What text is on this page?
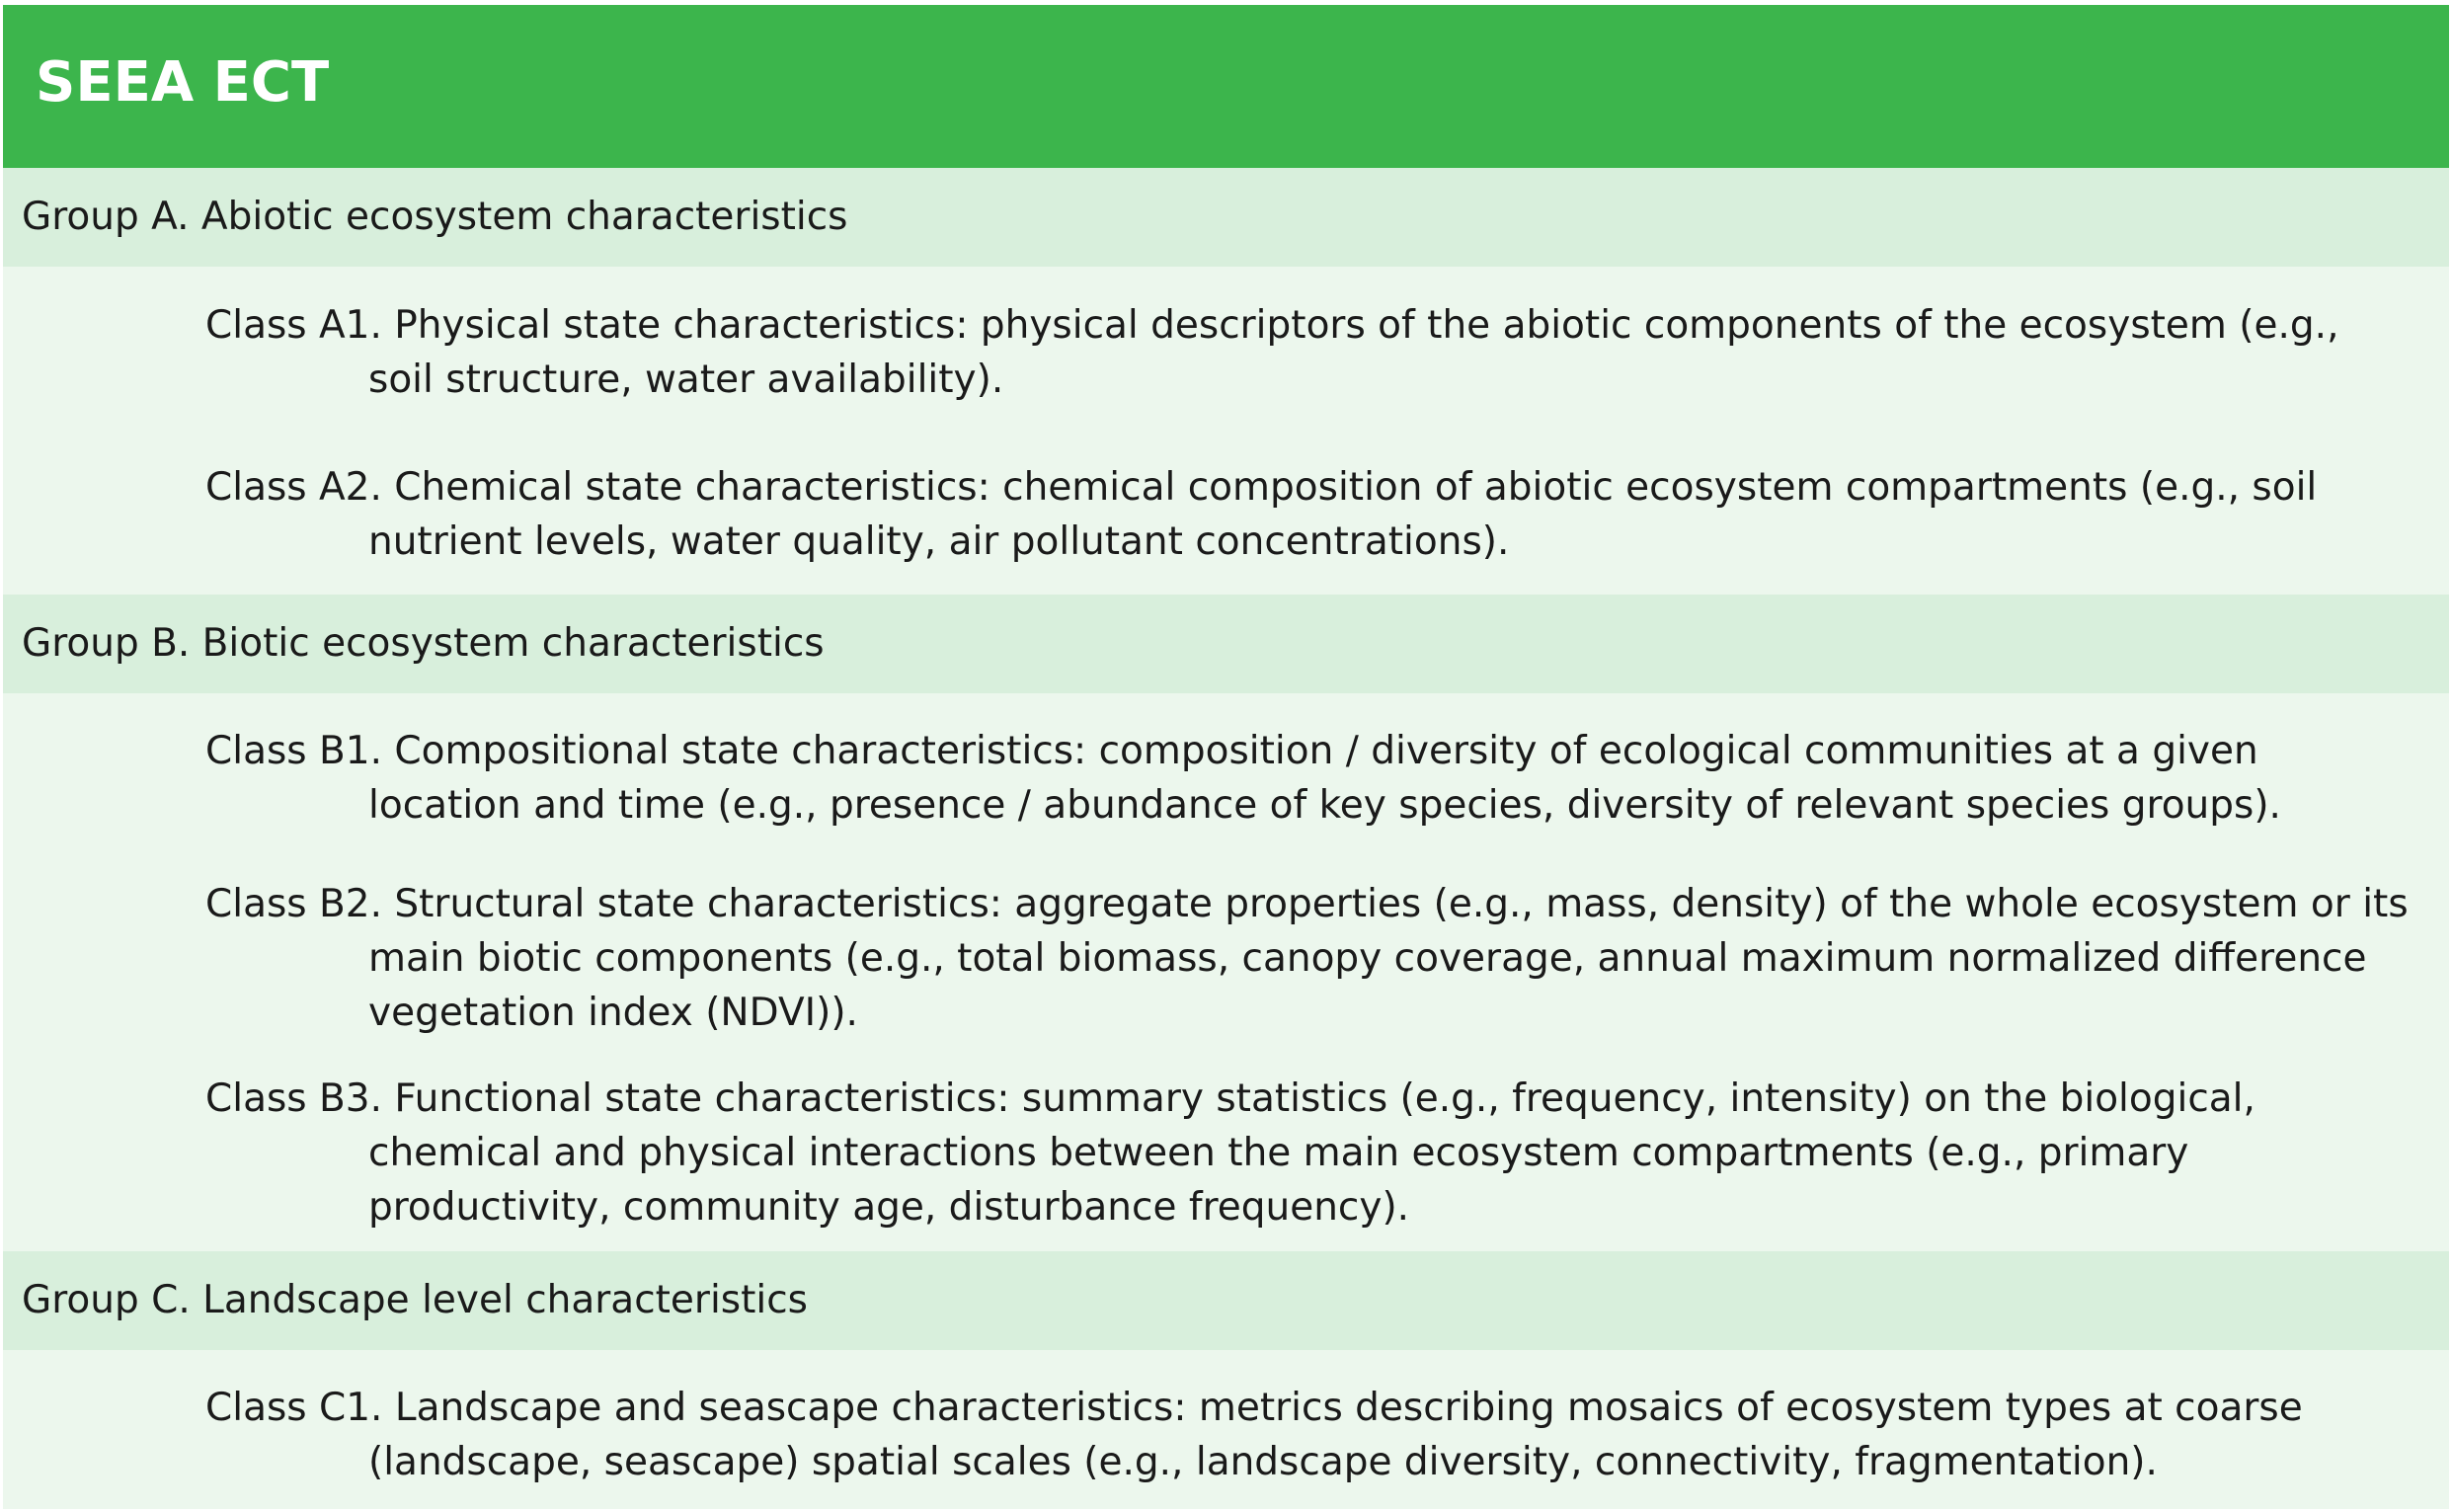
SEEA ECT
Group A. Abiotic ecosystem characteristics
Class A1. Physical state characteristics: physical descriptors of the abiotic components of the ecosystem (e.g.,
soil structure, water availability).
Class A2. Chemical state characteristics: chemical composition of abiotic ecosystem compartments (e.g., soil
nutrient levels, water quality, air pollutant concentrations).
Group B. Biotic ecosystem characteristics
Class B1. Compositional state characteristics: composition / diversity of ecological communities at a given
location and time (e.g., presence / abundance of key species, diversity of relevant species groups).
Class B2. Structural state characteristics: aggregate properties (e.g., mass, density) of the whole ecosystem or its
main biotic components (e.g., total biomass, canopy coverage, annual maximum normalized difference
vegetation index (NDVI)).
Class B3. Functional state characteristics: summary statistics (e.g., frequency, intensity) on the biological,
chemical and physical interactions between the main ecosystem compartments (e.g., primary
productivity, community age, disturbance frequency).
Group C. Landscape level characteristics
Class C1. Landscape and seascape characteristics: metrics describing mosaics of ecosystem types at coarse
(landscape, seascape) spatial scales (e.g., landscape diversity, connectivity, fragmentation).
